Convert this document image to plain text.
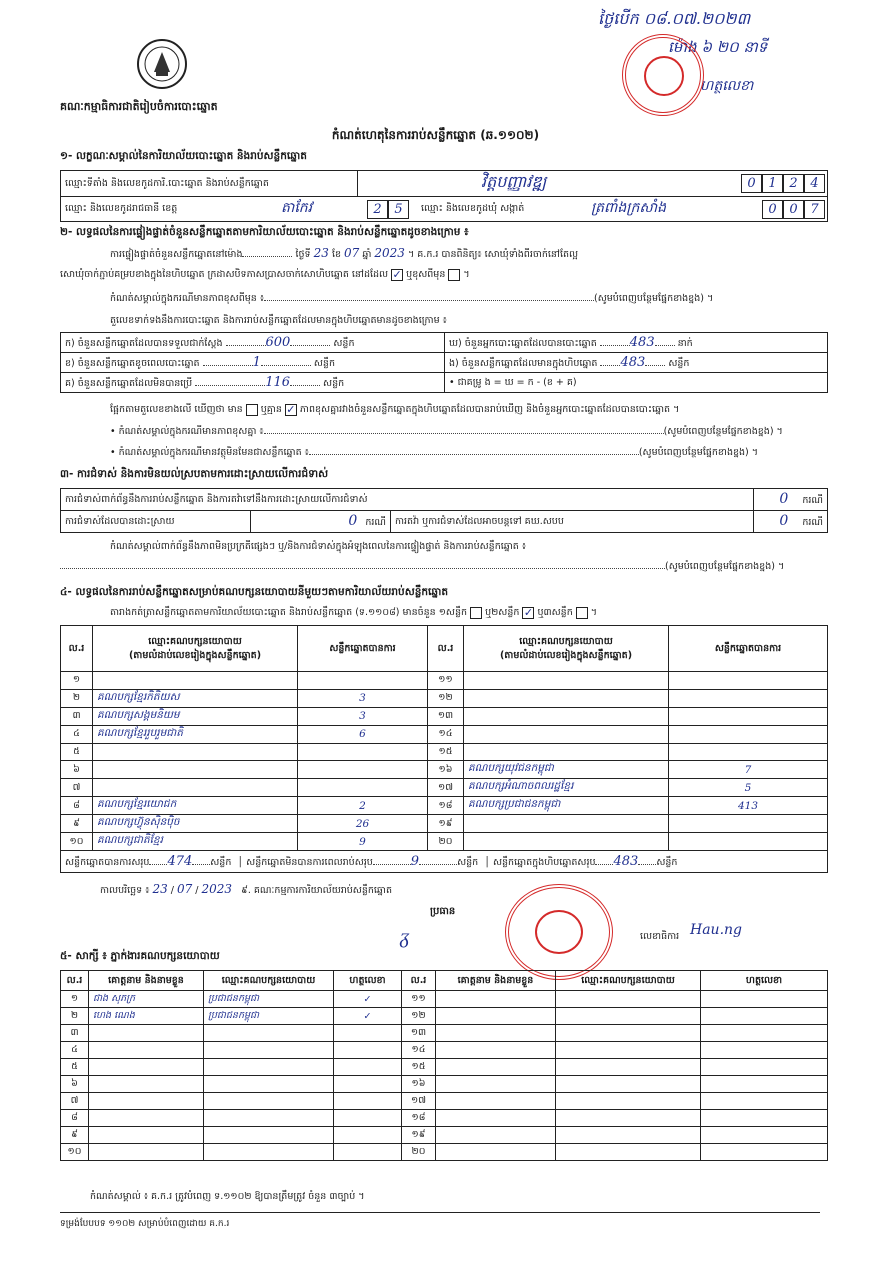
ថ្ងៃបើក ០៨.០៧.២០២៣
ម៉ោង ៦ ២០ នាទី
ហត្ថលេខា
គណៈកម្មាធិការជាតិរៀបចំការបោះឆ្នោត
កំណត់ហេតុនៃការរាប់សន្លឹកឆ្នោត (ឆ.១១០២)
១- លក្ខណៈសម្គាល់នៃការិយាល័យបោះឆ្នោត និងរាប់សន្លឹកឆ្នោត
ឈ្មោះទីតាំង និងលេខកូដការិ.បោះឆ្នោត និងរាប់សន្លឹកឆ្នោត	វិត្តបញ្ញាវឌ្ឍ	0 1 2 4
ឈ្មោះ និងលេខកូដរាជធានី ខេត្ត	តាកែវ	2 5	ឈ្មោះ និងលេខកូដឃុំ សង្កាត់	ត្រពាំងក្រសាំង	0 0 7
២- លទ្ធផលនៃការផ្ទៀងផ្ទាត់ចំនួនសន្លឹកឆ្នោតតាមការិយាល័យបោះឆ្នោត និងរាប់សន្លឹកឆ្នោតដូចខាងក្រោម ៖
ការផ្ទៀងផ្ទាត់ចំនួនសន្លឹកឆ្នោតនៅម៉ោង	ថ្ងៃទី 23 ខែ 07 ឆ្នាំ 2023 ។ គ.ក.រ បានពិនិត្យ៖ សោឃុំទាំងពីរចាក់នៅតែល្អ
សោឃុំចាក់ភ្ជាប់គម្របខាងក្នុងនៃហិបឆ្នោត ក្រដាសបិទភាសប្រាសចាក់សោហិបឆ្នោត នៅដដែល ✓ ឬខុសពីមុន  ។
កំណត់សម្គាល់ក្នុងករណីមានភាពខុសពីមុន ៖	(សូមបំពេញបន្ថែមផ្នែកខាងខ្នង) ។
តួលេខទាក់ទងនឹងការបោះឆ្នោត និងការរាប់សន្លឹកឆ្នោតដែលមានក្នុងហិបឆ្នោតមានដូចខាងក្រោម ៖
ក) ចំនួនសន្លឹកឆ្នោតដែលបានទទួលជាក់ស្តែង 600 សន្លឹក	ឃ) ចំនួនអ្នកបោះឆ្នោតដែលបានបោះឆ្នោត 483 នាក់
ខ) ចំនួនសន្លឹកឆ្នោតខូចពេលបោះឆ្នោត 1 សន្លឹក	ង) ចំនួនសន្លឹកឆ្នោតដែលមានក្នុងហិបឆ្នោត 483 សន្លឹក
គ) ចំនួនសន្លឹកឆ្នោតដែលមិនបានប្រើ 116 សន្លឹក	• ជាគម្រូ ង = ឃ = ក - (ខ + គ)
ផ្អែកតាមតួលេខខាងលើ ឃើញថា មាន ឬគ្មាន ✓ ភាពខុសគ្នារវាងចំនួនសន្លឹកឆ្នោតក្នុងហិបឆ្នោតដែលបានរាប់ឃើញ និងចំនួនអ្នកបោះឆ្នោតដែលបានបោះឆ្នោត ។
• កំណត់សម្គាល់ក្នុងករណីមានភាពខុសគ្នា ៖	(សូមបំពេញបន្ថែមផ្នែកខាងខ្នង) ។
• កំណត់សម្គាល់ក្នុងករណីមានវត្ថុមិនមែនជាសន្លឹកឆ្នោត ៖	(សូមបំពេញបន្ថែមផ្នែកខាងខ្នង) ។
៣- ការជំទាស់ និងការមិនយល់ស្របតាមការដោះស្រាយលើការជំទាស់
ការជំទាស់ពាក់ព័ន្ធនឹងការរាប់សន្លឹកឆ្នោត និងការតវ៉ាទៅនឹងការដោះស្រាយលើការជំទាស់			0 ករណី
ការជំទាស់ដែលបានដោះស្រាយ	0 ករណី	ការតវ៉ា ឬការជំទាស់ដែលអាចបន្តទៅ គឃ.សបប	0 ករណី
កំណត់សម្គាល់ពាក់ព័ន្ធនឹងភាពមិនប្រក្រតីផ្សេងៗ ឬ/និងការជំទាស់ក្នុងអំឡុងពេលនៃការផ្ទៀងផ្ទាត់ និងការរាប់សន្លឹកឆ្នោត ៖
(សូមបំពេញបន្ថែមផ្នែកខាងខ្នង) ។
៤- លទ្ធផលនៃការរាប់សន្លឹកឆ្នោតសម្រាប់គណបក្សនយោបាយនីមួយៗតាមការិយាល័យរាប់សន្លឹកឆ្នោត
តារាងកត់ត្រាសន្លឹកឆ្នោតតាមការិយាល័យបោះឆ្នោត និងរាប់សន្លឹកឆ្នោត (ទ.១១០៨) មានចំនួន ១សន្លឹក ឬ២សន្លឹក ✓ ឬ៣សន្លឹក  ។
ល.រ	ឈ្មោះគណបក្សនយោបាយ
(តាមលំដាប់លេខរៀងក្នុងសន្លឹកឆ្នោត)	សន្លឹកឆ្នោតបានការ	ល.រ	ឈ្មោះគណបក្សនយោបាយ
(តាមលំដាប់លេខរៀងក្នុងសន្លឹកឆ្នោត)	សន្លឹកឆ្នោតបានការ
១			១១		
២	គណបក្សខ្មែរកិតិយស	3	១២		
៣	គណបក្សសង្គមនិយម	3	១៣		
៤	គណបក្សខ្មែររួបរួមជាតិ	6	១៤		
៥			១៥		
៦			១៦	គណបក្សយុវជនកម្ពុជា	7
៧			១៧	គណបក្សអំណាចពលរដ្ឋខ្មែរ	5
៨	គណបក្សខ្មែរយោជក	2	១៨	គណបក្សប្រជាជនកម្ពុជា	413
៩	គណបក្សហ៊្វុនស៊ិនប៉ិច	26	១៩		
១០	គណបក្សជាតិខ្មែរ	9	២០		
សន្លឹកឆ្នោតបានការសរុប 474 សន្លឹក  │ សន្លឹកឆ្នោតមិនបានការពេលរាប់សរុប 9 សន្លឹក  │ សន្លឹកឆ្នោតក្នុងហិបឆ្នោតសរុប 483 សន្លឹក					
កាលបរិច្ឆេទ ៖ 23 / 07 / 2023 ៩. គណៈកម្មការការិយាល័យរាប់សន្លឹកឆ្នោត
ប្រធាន
ᵹ	លេខាធិការ Hau.ng
៥- សាក្សី ៖ ភ្នាក់ងារគណបក្សនយោបាយ
ល.រ	គោត្តនាម និងនាមខ្លួន	ឈ្មោះគណបក្សនយោបាយ	ហត្ថលេខា	ល.រ	គោត្តនាម និងនាមខ្លួន	ឈ្មោះគណបក្សនយោបាយ	ហត្ថលេខា
១	ជាង សុភក្រ	ប្រជាជនកម្ពុជា	✓	១១			
២	ហេង ណេង	ប្រជាជនកម្ពុជា	✓	១២			
៣				១៣			
៤				១៤			
៥				១៥			
៦				១៦			
៧				១៧			
៨				១៨			
៩				១៩			
១០				២០			
កំណត់សម្គាល់ ៖ គ.ក.រ ត្រូវបំពេញ ទ.១១០២ ឱ្យបានត្រឹមត្រូវ ចំនួន ៣ច្បាប់ ។
ទម្រង់បែបបទ ១១០២ សម្រាប់បំពេញដោយ គ.ក.រ
